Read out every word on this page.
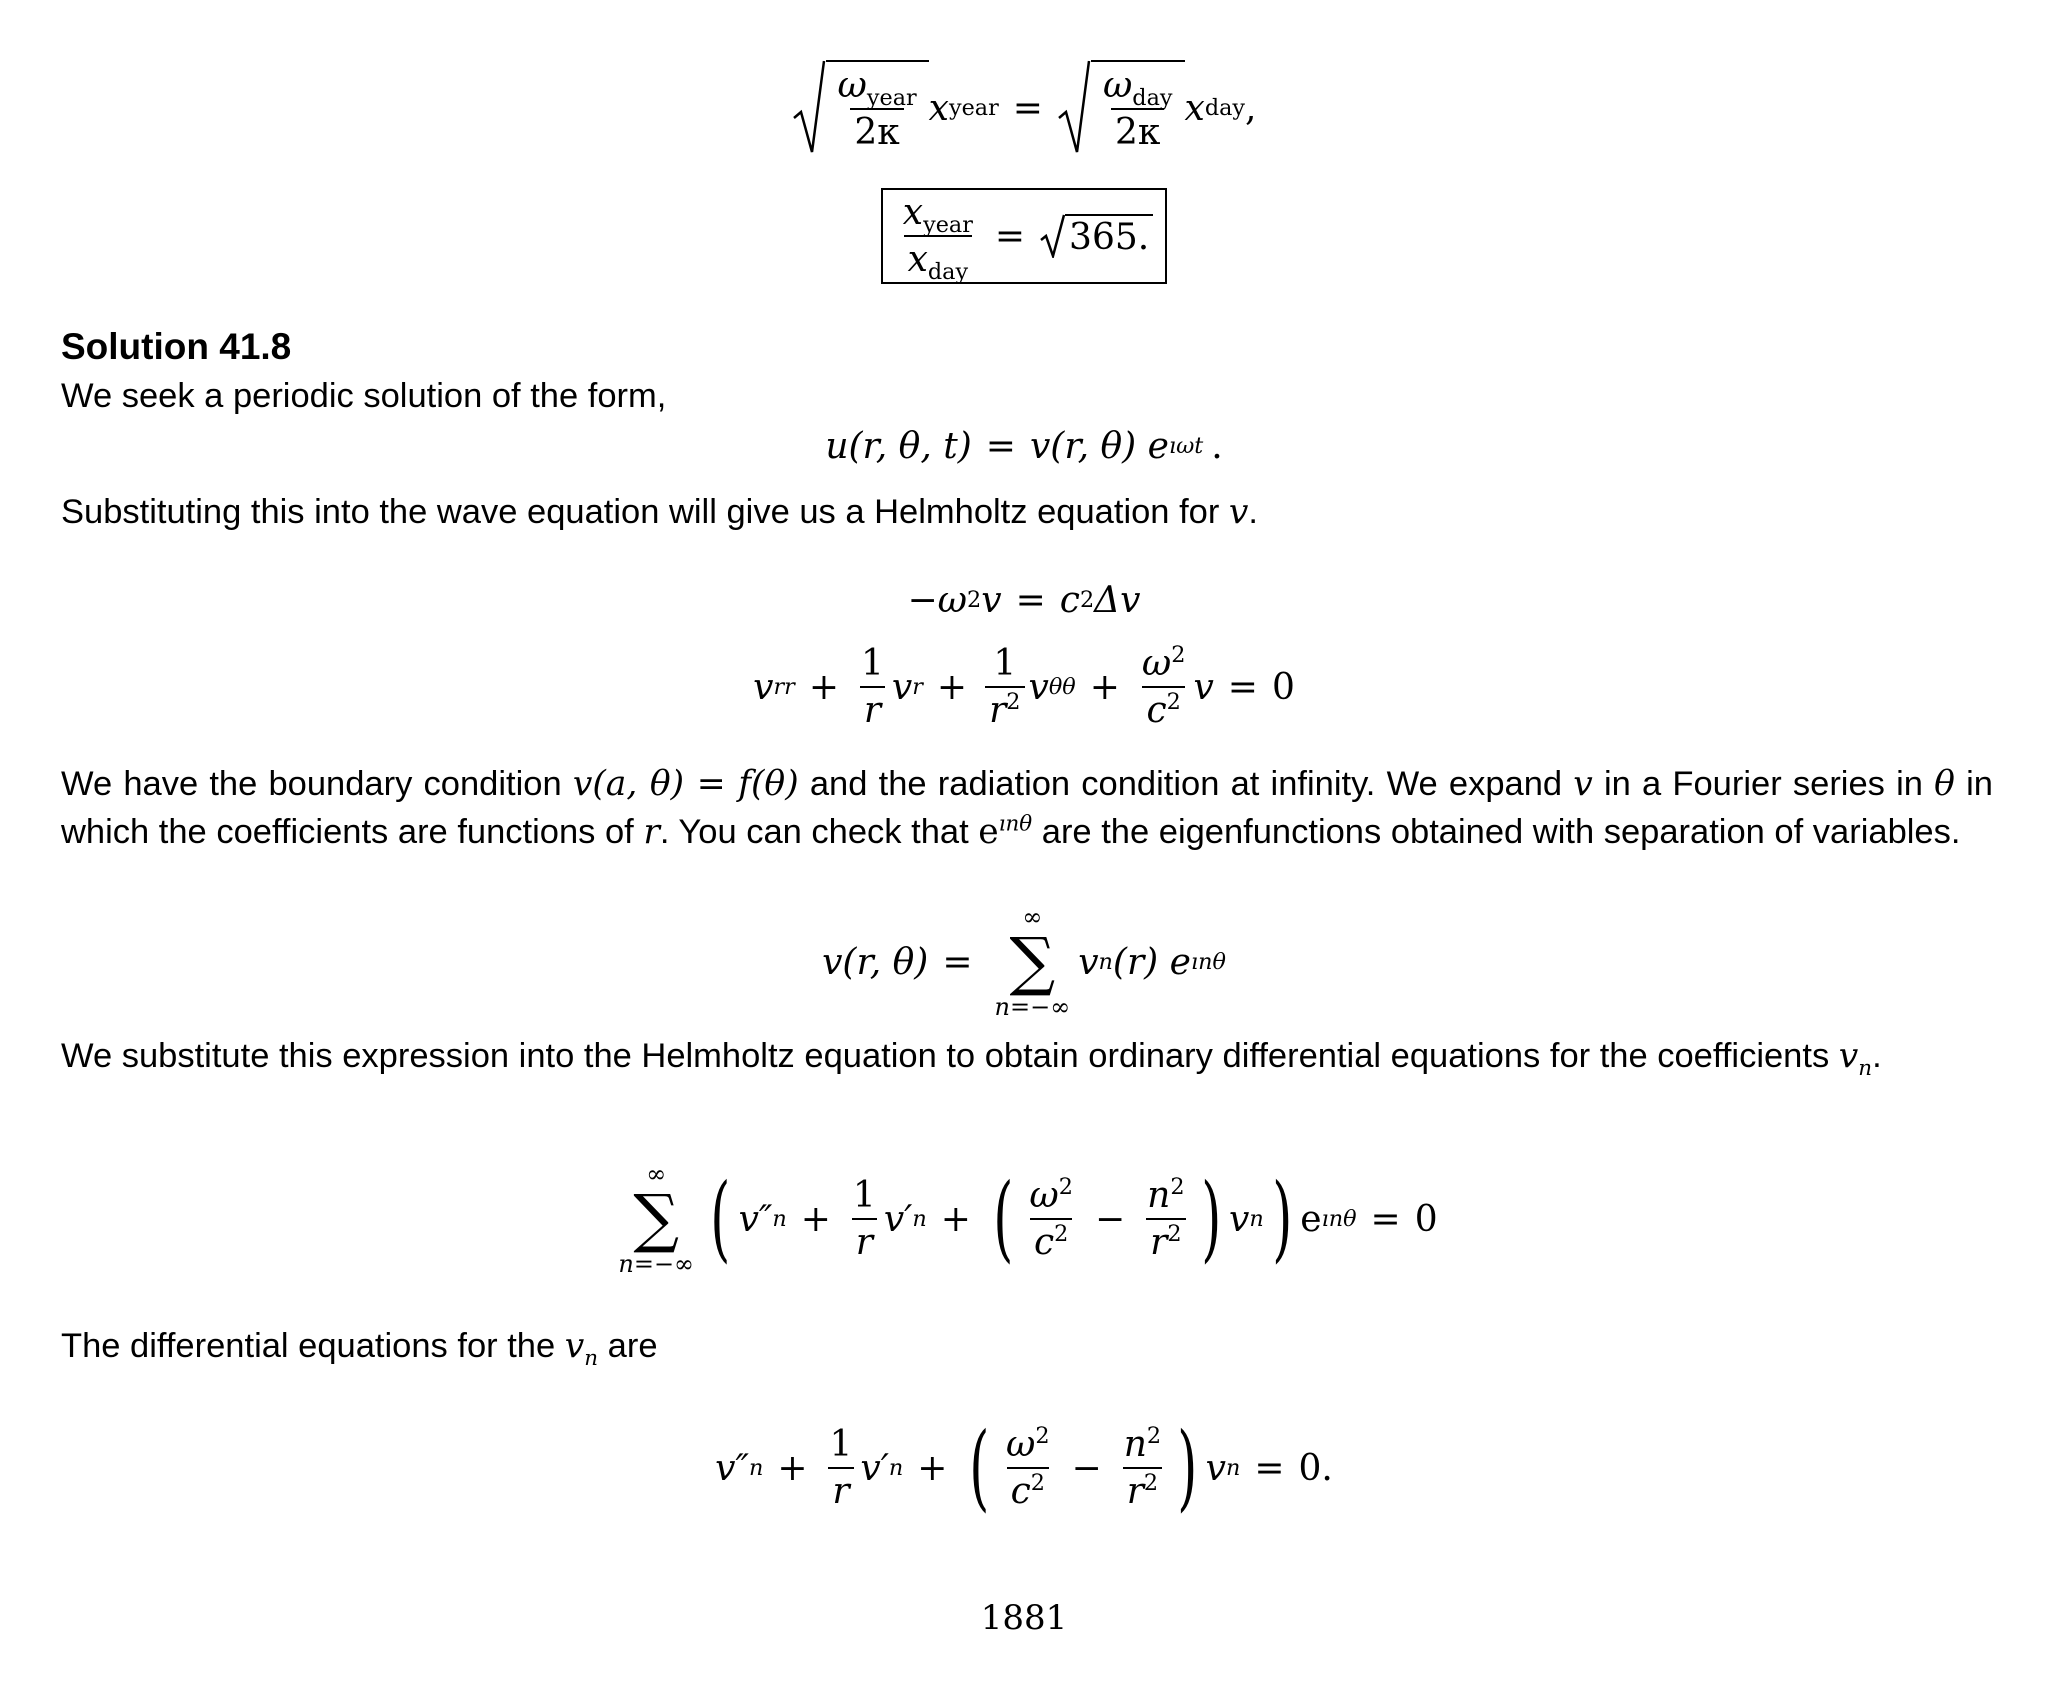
$\frac{\omega_{year}}{2\kappa}$ x year = $\frac{\omega_{day}}{2\kappa}$ x day ,
$\frac{x_{year}}{x_{day}} = 365$.
Solution 41.8
We seek a periodic solution of the form,
u(r, θ, t) = v(r, θ) e ıωt .
Substituting this into the wave equation will give us a Helmholtz equation for v.
−ω 2 v = c 2 Δv
v rr + $\frac{1}{r}$ v $r + \frac{1}{r^2}$ v $\theta\theta + \frac{\omega^2}{c^2}$ v = 0
We have the boundary condition v(a, θ) = f(θ) and the radiation condition at infinity. We expand v in a Fourier series in θ in which the coefficients are functions of r. You can check that $e^{ın\theta}$ are the eigenfunctions obtained with separation of variables.
v(r, θ) =
∞
∑
n=−∞
v n (r) e ınθ
We substitute this expression into the Helmholtz equation to obtain ordinary differential equations for the coefficients $v_n$.
∞
∑
n=−∞ ( v″ $n + \frac{1}{r} v'$ n + ( $\frac{\omega^2}{c^2} - \frac{n^2}{r^2}$ ) v n ) e ınθ = 0
The differential equations for the $v_n$ are
v″ $n + \frac{1}{r} v'$ n + ( $\frac{\omega^2}{c^2} - \frac{n^2}{r^2}$ ) v n = 0.
1881
